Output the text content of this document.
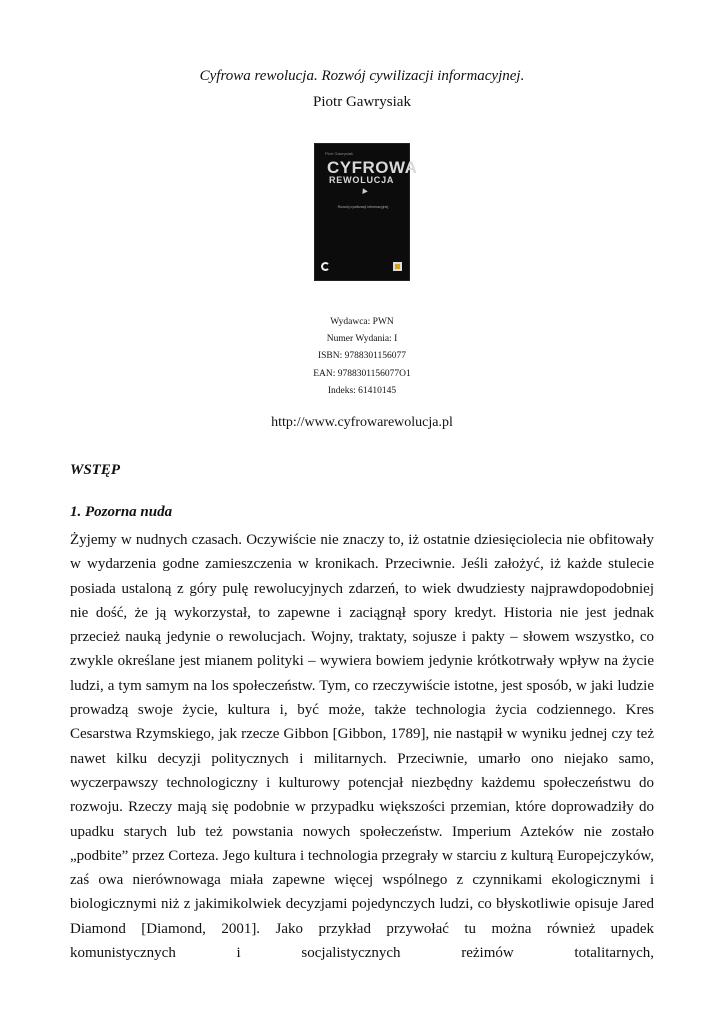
Cyfrowa rewolucja. Rozwój cywilizacji informacyjnej.
Piotr Gawrysiak
Piotr Gawrysiak
CYFROWA
REWOLUCJA
Rozwój cywilizacji informacyjnej
Wydawca: PWN
Numer Wydania: I
ISBN: 9788301156077
EAN: 9788301156077O1
Indeks: 61410145
http://www.cyfrowarewolucja.pl
WSTĘP
1. Pozorna nuda

Żyjemy w nudnych czasach. Oczywiście nie znaczy to, iż ostatnie dziesięciolecia nie obfitowały w wydarzenia godne zamieszczenia w kronikach. Przeciwnie. Jeśli założyć, iż każde stulecie posiada ustaloną z góry pulę rewolucyjnych zdarzeń, to wiek dwudziesty najprawdopodobniej nie dość, że ją wykorzystał, to zapewne i zaciągnął spory kredyt. Historia nie jest jednak przecież nauką jedynie o rewolucjach. Wojny, traktaty, sojusze i pakty – słowem wszystko, co zwykle określane jest mianem polityki – wywiera bowiem jedynie krótkotrwały wpływ na życie ludzi, a tym samym na los społeczeństw. Tym, co rzeczywiście istotne, jest sposób, w jaki ludzie prowadzą swoje życie, kultura i, być może, także technologia życia codziennego. Kres Cesarstwa Rzymskiego, jak rzecze Gibbon [Gibbon, 1789], nie nastąpił w wyniku jednej czy też nawet kilku decyzji politycznych i militarnych. Przeciwnie, umarło ono niejako samo, wyczerpawszy technologiczny i kulturowy potencjał niezbędny każdemu społeczeństwu do rozwoju. Rzeczy mają się podobnie w przypadku większości przemian, które doprowadziły do upadku starych lub też powstania nowych społeczeństw. Imperium Azteków nie zostało „podbite” przez Corteza. Jego kultura i technologia przegrały w starciu z kulturą Europejczyków, zaś owa nierównowaga miała zapewne więcej wspólnego z czynnikami ekologicznymi i biologicznymi niż z jakimikolwiek decyzjami pojedynczych ludzi, co błyskotliwie opisuje Jared Diamond [Diamond, 2001]. Jako przykład przywołać tu można również upadek komunistycznych i socjalistycznych reżimów totalitarnych,
